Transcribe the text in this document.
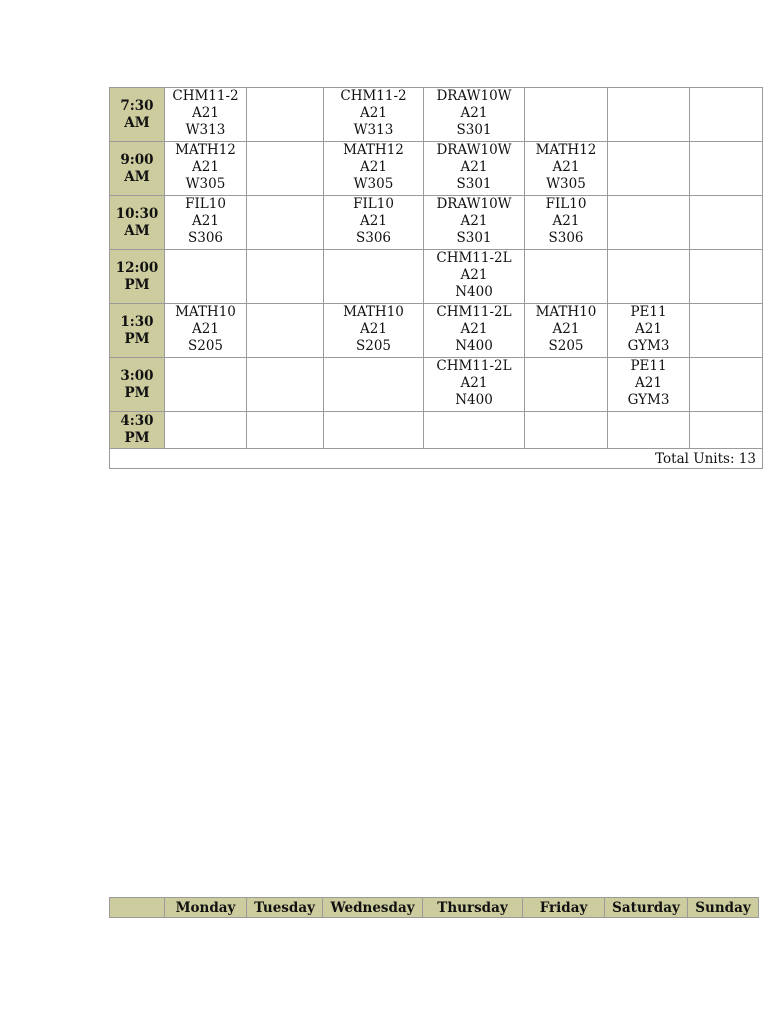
7:30
AM	CHM11-2
A21
W313		CHM11-2
A21
W313	DRAW10W
A21
S301			

9:00
AM	MATH12
A21
W305		MATH12
A21
W305	DRAW10W
A21
S301	MATH12
A21
W305		

10:30
AM	FIL10
A21
S306		FIL10
A21
S306	DRAW10W
A21
S301	FIL10
A21
S306		

12:00
PM				CHM11-2L
A21
N400			

1:30
PM	MATH10
A21
S205		MATH10
A21
S205	CHM11-2L
A21
N400	MATH10
A21
S205	PE11
A21
GYM3	

3:00
PM				CHM11-2L
A21
N400		PE11
A21
GYM3	

4:30
PM							

Total Units: 13							
	Monday	Tuesday	Wednesday	Thursday	Friday	Saturday	Sunday
